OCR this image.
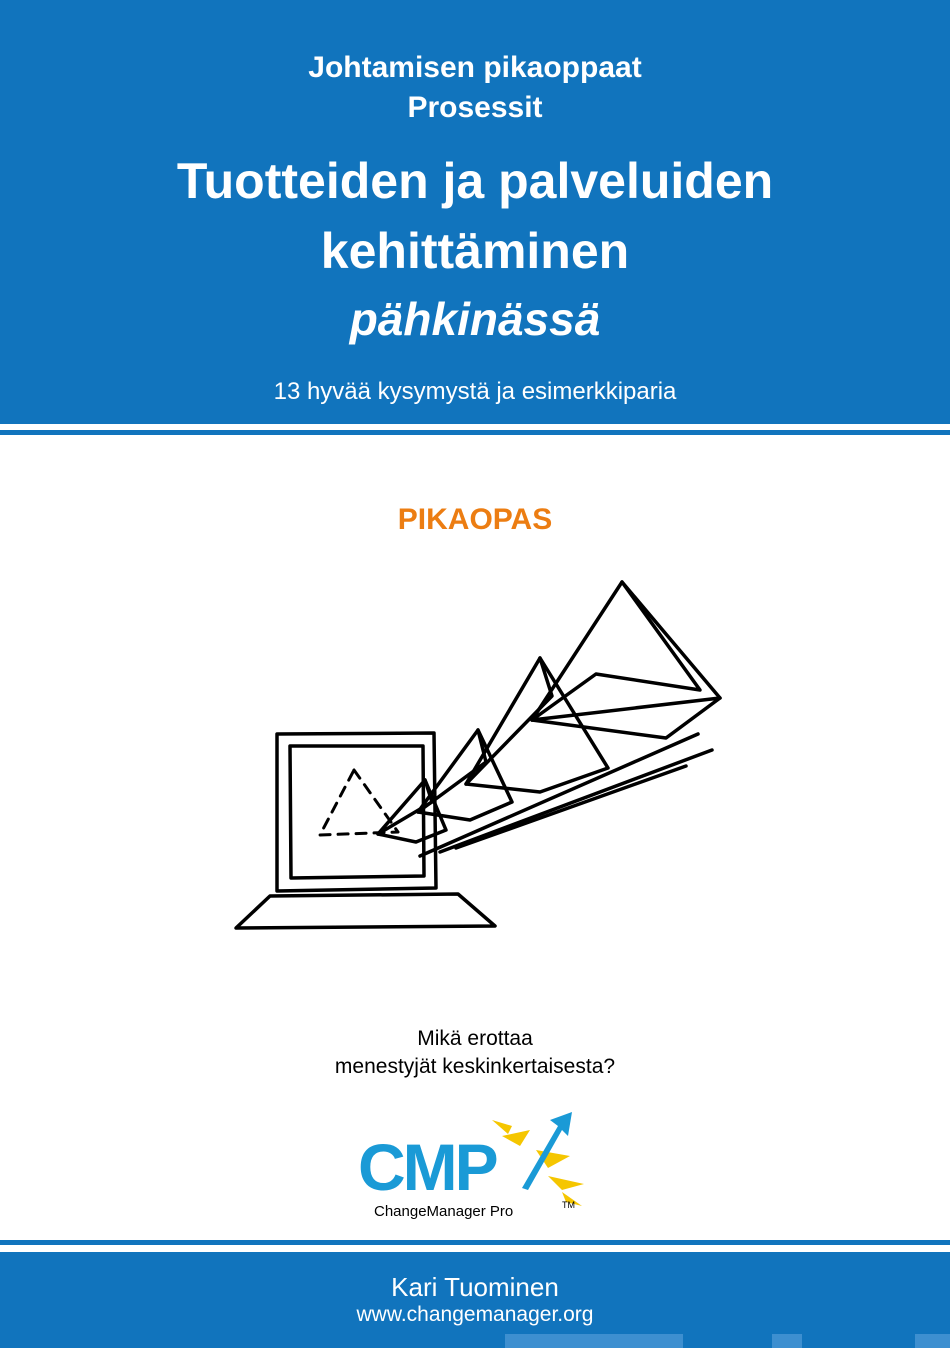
Johtamisen pikaoppaat
Prosessit
Tuotteiden ja palveluiden
kehittäminen
pähkinässä
13 hyvää kysymystä ja esimerkkiparia
PIKAOPAS
Mikä erottaa
menestyjät keskinkertaisesta?
CMP
ChangeManager Pro	TM
Kari Tuominen
www.changemanager.org
